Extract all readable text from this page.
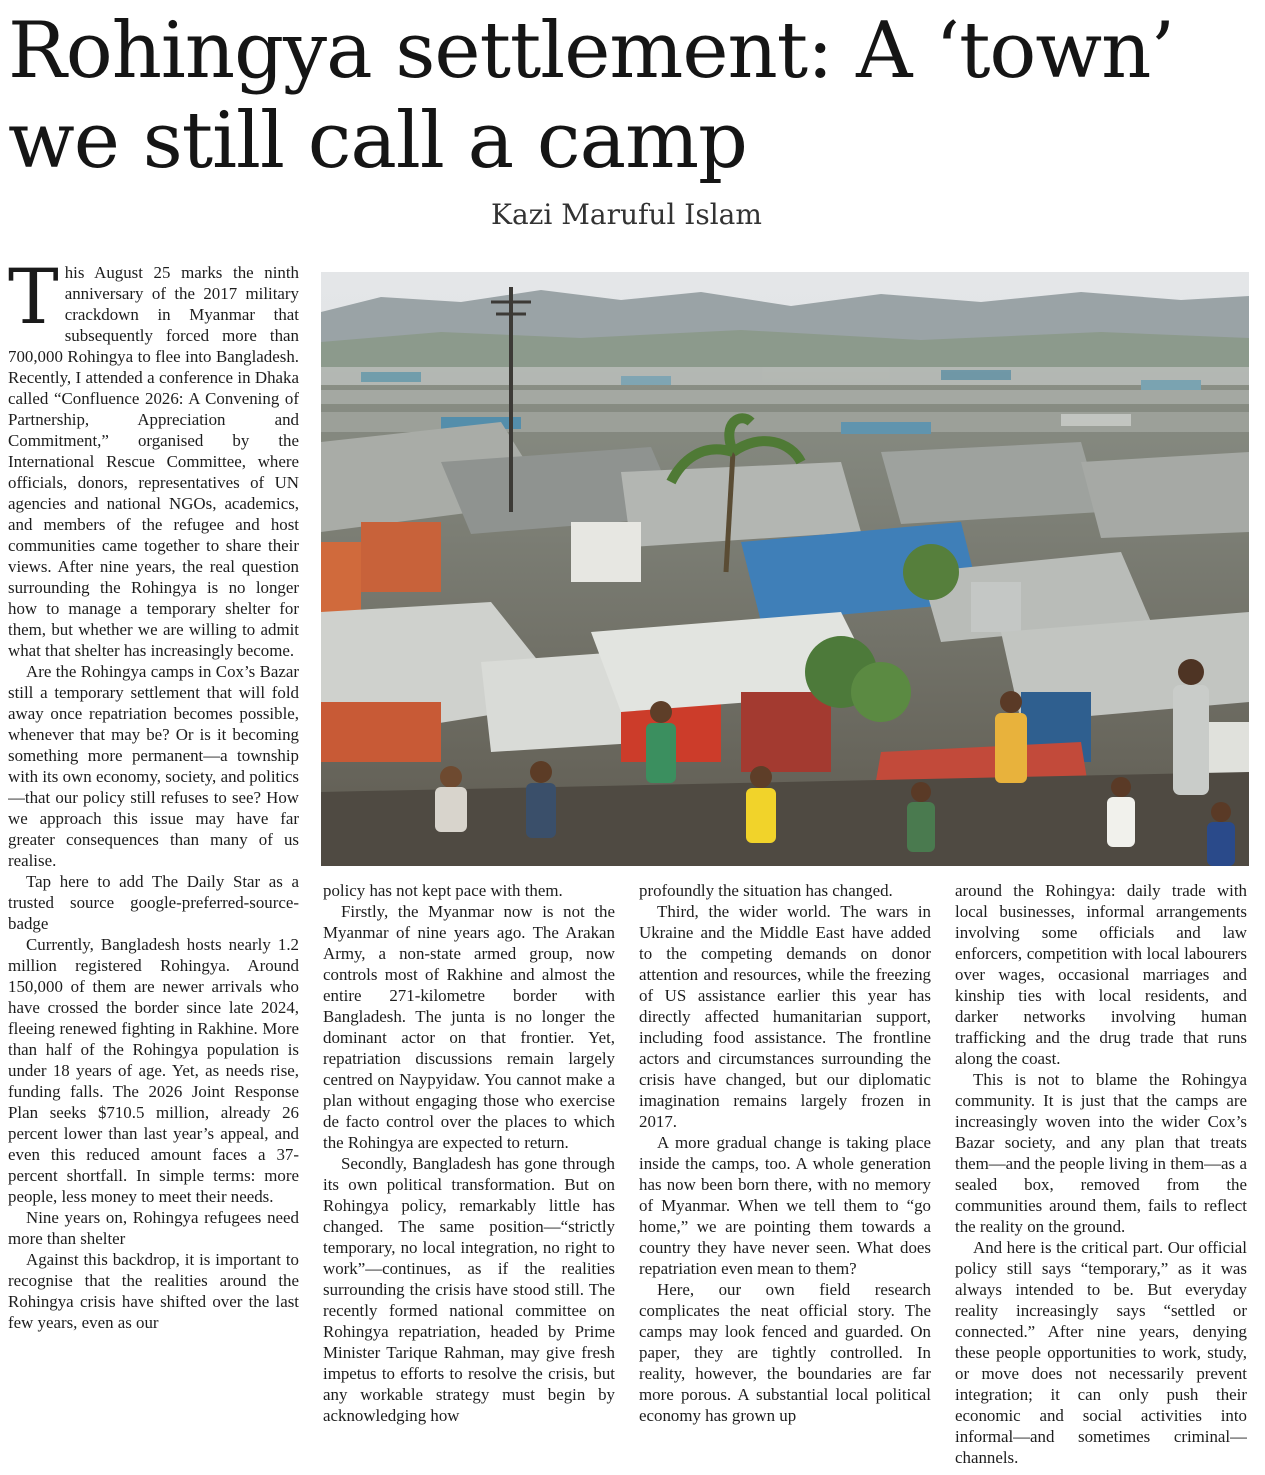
Rohingya settlement: A ‘town’ we still call a camp
Kazi Maruful Islam

This August 25 marks the ninth anniversary of the 2017 military crackdown in Myanmar that subsequently forced more than 700,000 Rohingya to flee into Bangladesh. Recently, I attended a conference in Dhaka called “Confluence 2026: A Convening of Partnership, Appreciation and Commitment,” organised by the International Rescue Committee, where officials, donors, representatives of UN agencies and national NGOs, academics, and members of the refugee and host communities came together to share their views. After nine years, the real question surrounding the Rohingya is no longer how to manage a temporary shelter for them, but whether we are willing to admit what that shelter has increasingly become.

Are the Rohingya camps in Cox’s Bazar still a temporary settlement that will fold away once repatriation becomes possible, whenever that may be? Or is it becoming something more permanent—a township with its own economy, society, and politics—that our policy still refuses to see? How we approach this issue may have far greater consequences than many of us realise.

Tap here to add The Daily Star as a trusted source google-preferred-source-badge

Currently, Bangladesh hosts nearly 1.2 million registered Rohingya. Around 150,000 of them are newer arrivals who have crossed the border since late 2024, fleeing renewed fighting in Rakhine. More than half of the Rohingya population is under 18 years of age. Yet, as needs rise, funding falls. The 2026 Joint Response Plan seeks $710.5 million, already 26 percent lower than last year’s appeal, and even this reduced amount faces a 37-percent shortfall. In simple terms: more people, less money to meet their needs.

Nine years on, Rohingya refugees need more than shelter

Against this backdrop, it is important to recognise that the realities around the Rohingya crisis have shifted over the last few years, even as our

policy has not kept pace with them.

Firstly, the Myanmar now is not the Myanmar of nine years ago. The Arakan Army, a non-state armed group, now controls most of Rakhine and almost the entire 271-kilometre border with Bangladesh. The junta is no longer the dominant actor on that frontier. Yet, repatriation discussions remain largely centred on Naypyidaw. You cannot make a plan without engaging those who exercise de facto control over the places to which the Rohingya are expected to return.

Secondly, Bangladesh has gone through its own political transformation. But on Rohingya policy, remarkably little has changed. The same position—“strictly temporary, no local integration, no right to work”—continues, as if the realities surrounding the crisis have stood still. The recently formed national committee on Rohingya repatriation, headed by Prime Minister Tarique Rahman, may give fresh impetus to efforts to resolve the crisis, but any workable strategy must begin by acknowledging how

profoundly the situation has changed.

Third, the wider world. The wars in Ukraine and the Middle East have added to the competing demands on donor attention and resources, while the freezing of US assistance earlier this year has directly affected humanitarian support, including food assistance. The frontline actors and circumstances surrounding the crisis have changed, but our diplomatic imagination remains largely frozen in 2017.

A more gradual change is taking place inside the camps, too. A whole generation has now been born there, with no memory of Myanmar. When we tell them to “go home,” we are pointing them towards a country they have never seen. What does repatriation even mean to them?

Here, our own field research complicates the neat official story. The camps may look fenced and guarded. On paper, they are tightly controlled. In reality, however, the boundaries are far more porous. A substantial local political economy has grown up

around the Rohingya: daily trade with local businesses, informal arrangements involving some officials and law enforcers, competition with local labourers over wages, occasional marriages and kinship ties with local residents, and darker networks involving human trafficking and the drug trade that runs along the coast.

This is not to blame the Rohingya community. It is just that the camps are increasingly woven into the wider Cox’s Bazar society, and any plan that treats them—and the people living in them—as a sealed box, removed from the communities around them, fails to reflect the reality on the ground.

And here is the critical part. Our official policy still says “temporary,” as it was always intended to be. But everyday reality increasingly says “settled or connected.” After nine years, denying these people opportunities to work, study, or move does not necessarily prevent integration; it can only push their economic and social activities into informal—and sometimes criminal—channels.
